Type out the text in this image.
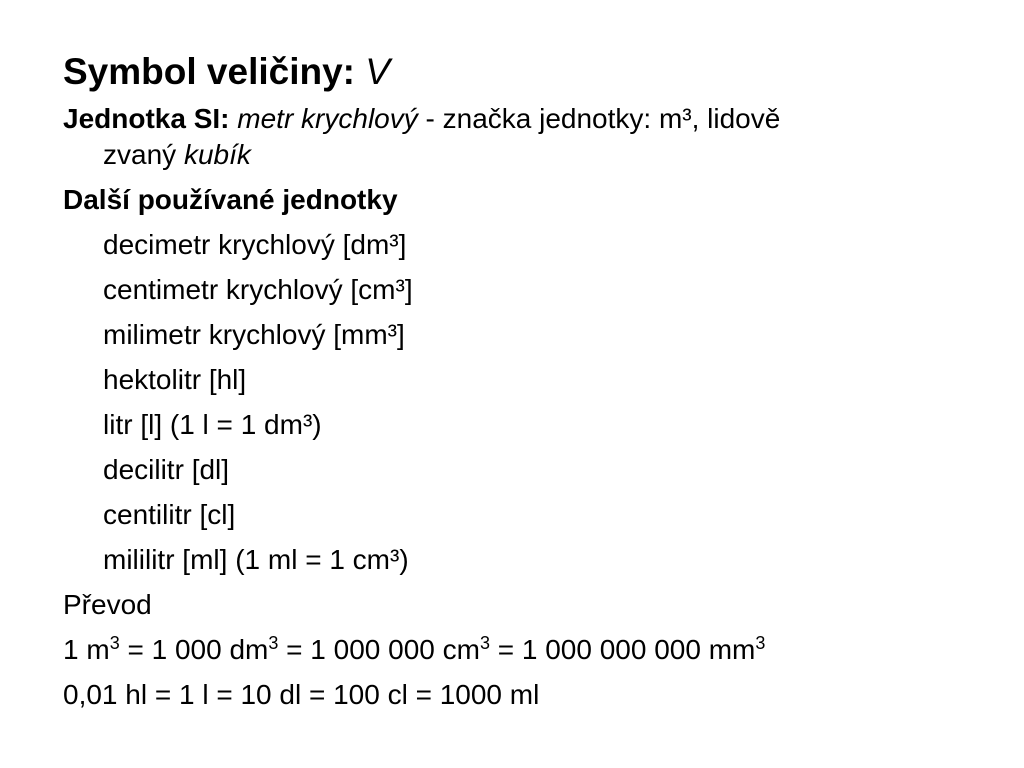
Symbol veličiny: V
Jednotka SI: metr krychlový - značka jednotky: m³, lidově
zvaný kubík
Další používané jednotky
decimetr krychlový [dm³]
centimetr krychlový [cm³]
milimetr krychlový [mm³]
hektolitr [hl]
litr [l] (1 l = 1 dm³)
decilitr [dl]
centilitr [cl]
mililitr [ml] (1 ml = 1 cm³)
Převod
1 $m^3 = 1$ 000 $dm^3 = 1$ 000 000 $cm^3 = 1$ 000 000 000 $mm^3$
0,01 hl = 1 l = 10 dl = 100 cl = 1000 ml
